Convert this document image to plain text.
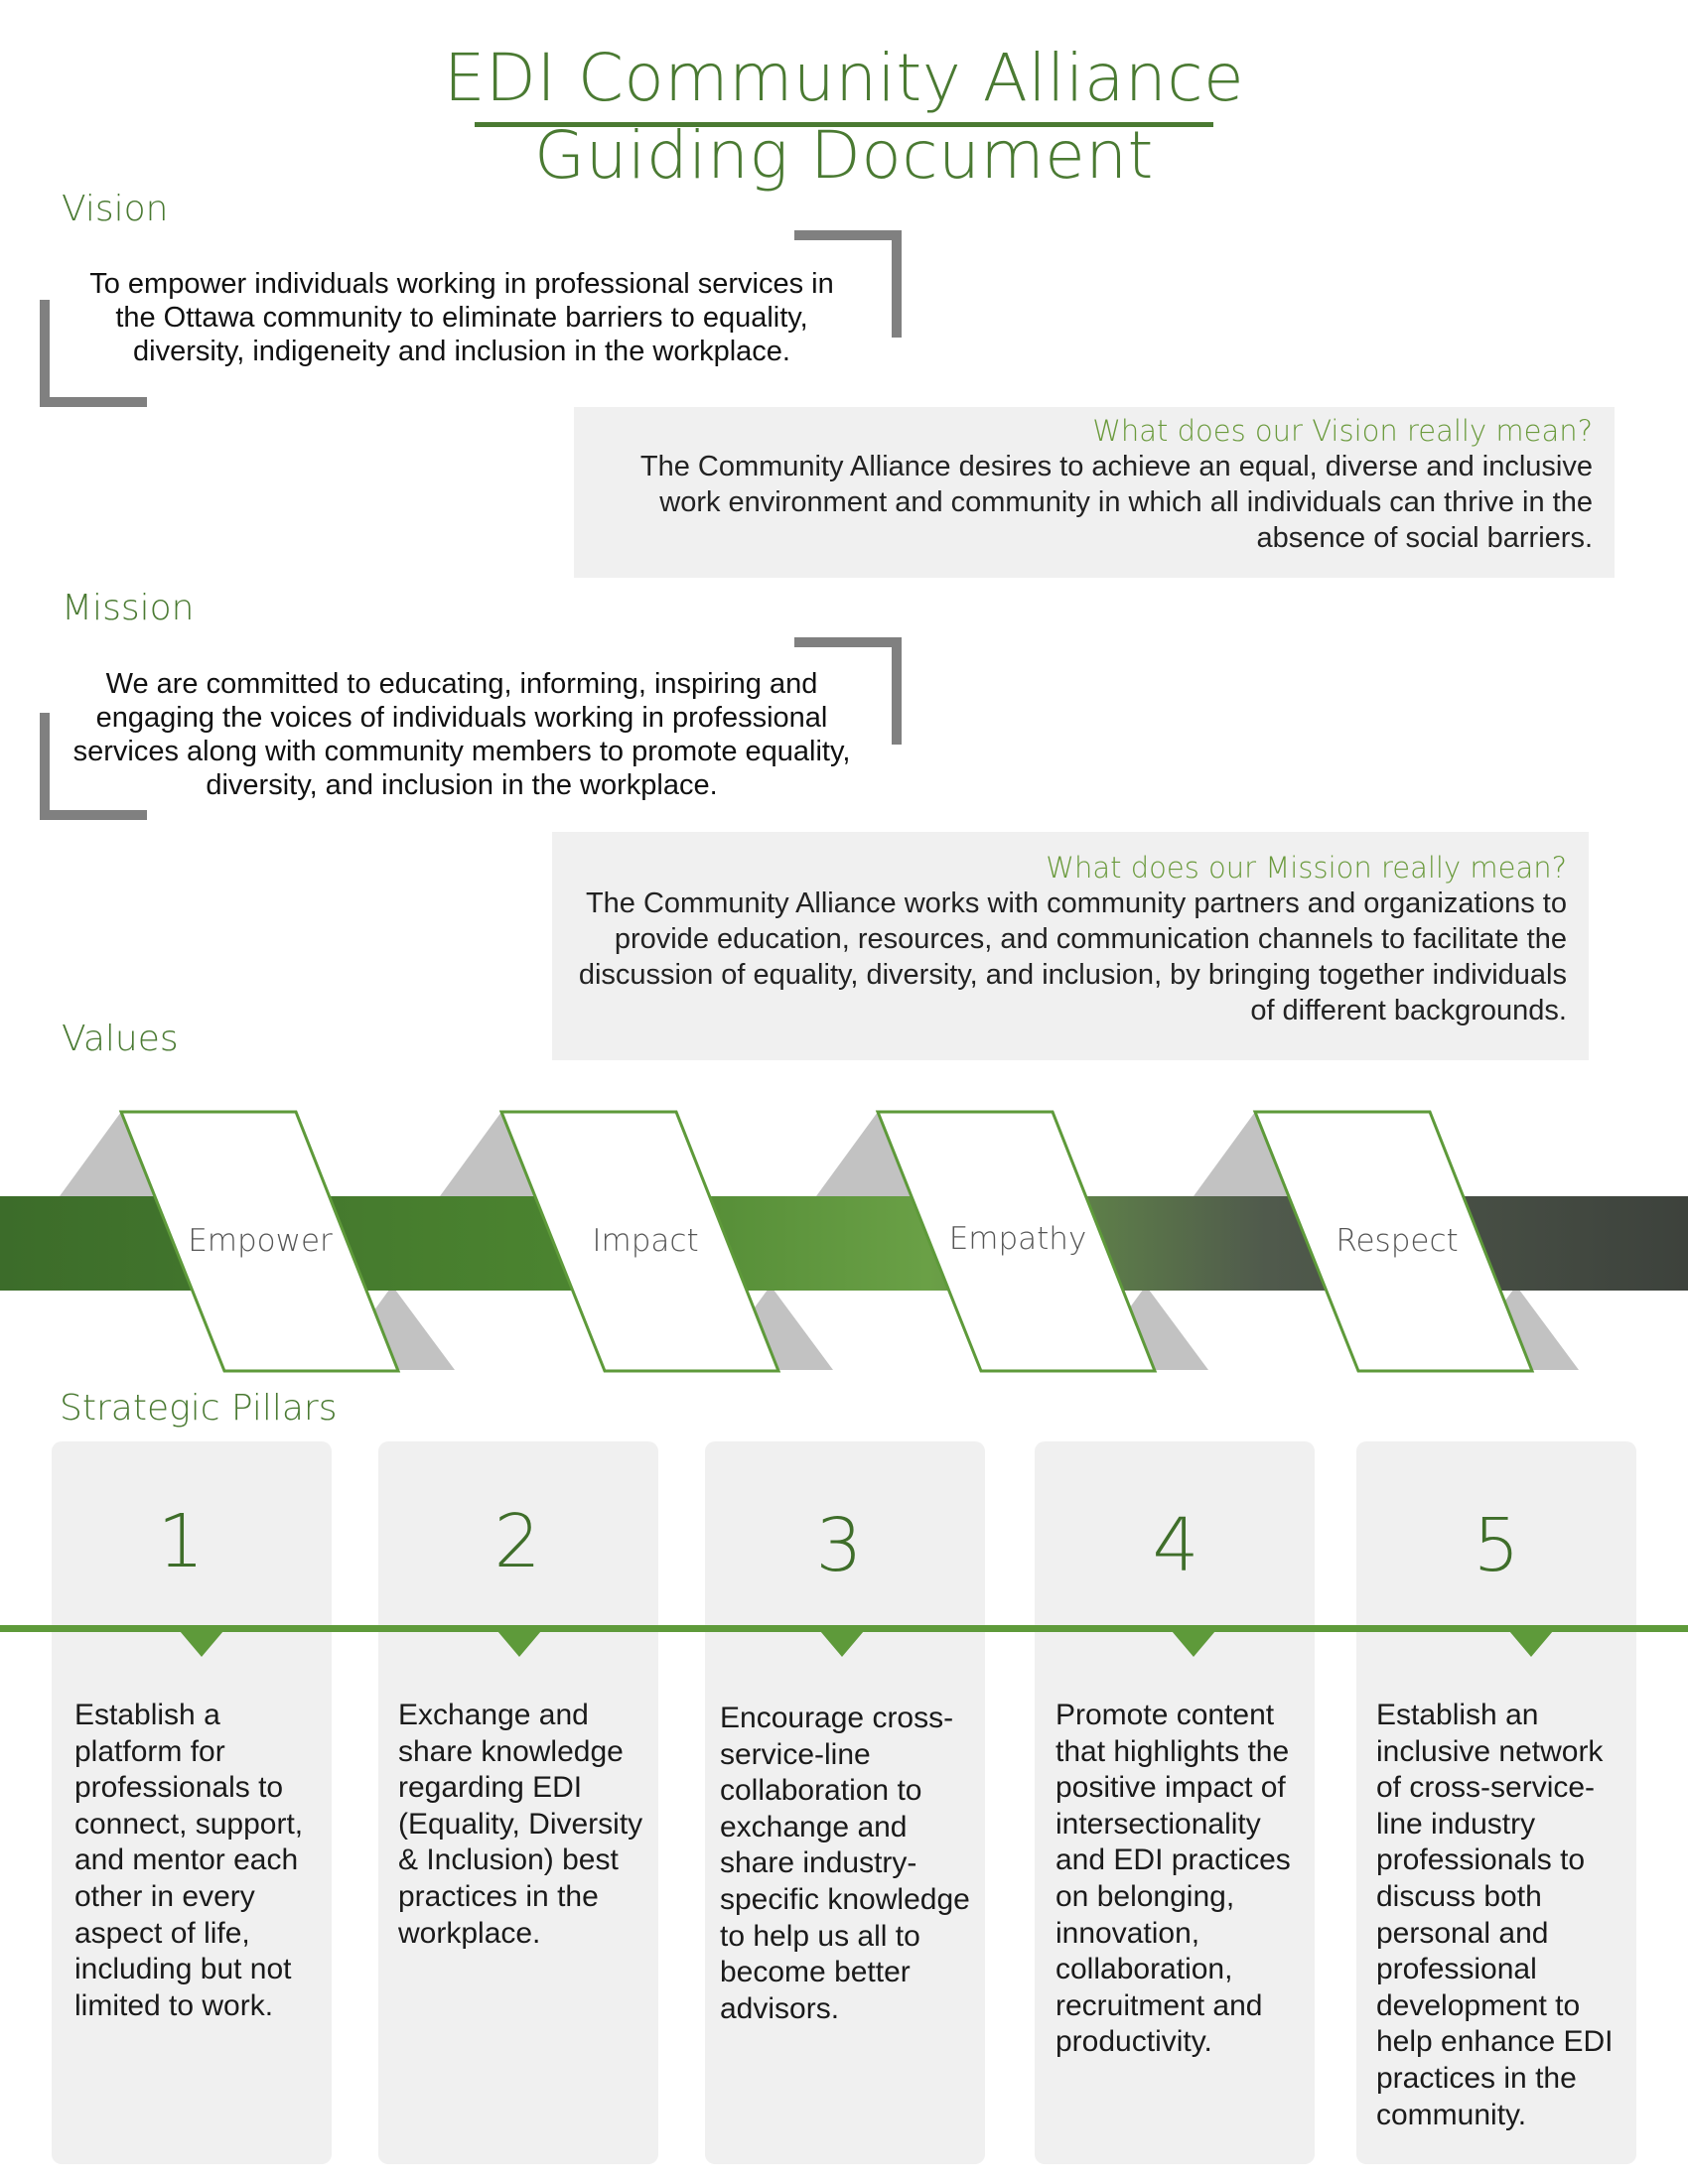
EDI Community Alliance
Guiding Document
Vision
To empower individuals working in professional services in the Ottawa community to eliminate barriers to equality, diversity, indigeneity and inclusion in the workplace.
What does our Vision really mean?
The Community Alliance desires to achieve an equal, diverse and inclusive work environment and community in which all individuals can thrive in the absence of social barriers.
Mission
We are committed to educating, informing, inspiring and engaging the voices of individuals working in professional services along with community members to promote equality, diversity, and inclusion in the workplace.
What does our Mission really mean?
The Community Alliance works with community partners and organizations to provide education, resources, and communication channels to facilitate the discussion of equality, diversity, and inclusion, by bringing together individuals of different backgrounds.
Values
Empower	Impact	Empathy	Respect
Strategic Pillars
1	2	3	4	5
Establish a platform for professionals to connect, support, and mentor each other in every aspect of life, including but not limited to work.
Exchange and share knowledge regarding EDI (Equality, Diversity & Inclusion) best practices in the workplace.
Encourage cross-service-line collaboration to exchange and share industry-specific knowledge to help us all to become better advisors.
Promote content that highlights the positive impact of intersectionality and EDI practices on belonging, innovation, collaboration, recruitment and productivity.
Establish an inclusive network of cross-service-line industry professionals to discuss both personal and professional development to help enhance EDI practices in the community.
